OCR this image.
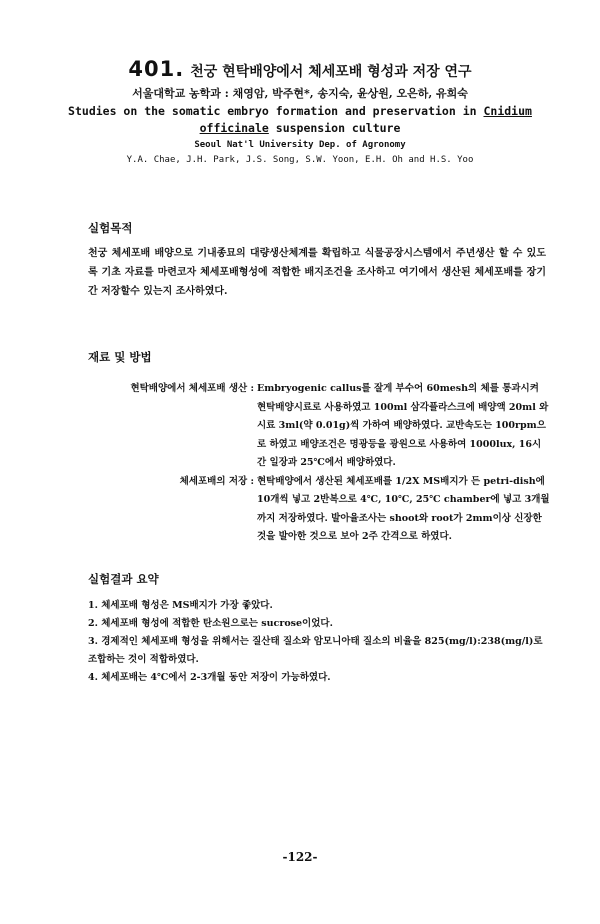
401. 천궁 현탁배양에서 체세포배 형성과 저장 연구
서울대학교 농학과 : 채영암, 박주현*, 송지숙, 윤상원, 오은하, 유희숙
Studies on the somatic embryo formation and preservation in Cnidium
officinale suspension culture
Seoul Nat'l University Dep. of Agronomy
Y.A. Chae, J.H. Park, J.S. Song, S.W. Yoon, E.H. Oh and H.S. Yoo
실험목적
천궁 체세포배 배양으로 기내종묘의 대량생산체계를 확립하고 식물공장시스템에서 주년생산 할 수 있도록 기초 자료를 마련코자 체세포배형성에 적합한 배지조건을 조사하고 여기에서 생산된 체세포배를 장기간 저장할수 있는지 조사하였다.
재료 및 방법
현탁배양에서 체세포배 생산 : Embryogenic callus를 잘게 부수어 60mesh의 체를 통과시켜 현탁배양시료로 사용하였고 100ml 삼각플라스크에 배양액 20ml 와 시료 3ml(약 0.01g)씩 가하여 배양하였다. 교반속도는 100rpm으로 하였고 배양조건은 명광등을 광원으로 사용하여 1000lux, 16시간 일장과 25℃에서 배양하였다.
체세포배의 저장 : 현탁배양에서 생산된 체세포배를 1/2X MS배지가 든 petri-dish에 10개씩 넣고 2반복으로 4℃, 10℃, 25℃ chamber에 넣고 3개월까지 저장하였다. 발아율조사는 shoot와 root가 2mm이상 신장한 것을 발아한 것으로 보아 2주 간격으로 하였다.
실험결과 요약
1. 체세포배 형성은 MS배지가 가장 좋았다.
2. 체세포배 형성에 적합한 탄소원으로는 sucrose이었다.
3. 경제적인 체세포배 형성을 위해서는 질산태 질소와 암모니아태 질소의 비율을 825(mg/l):238(mg/l)로 조합하는 것이 적합하였다.
4. 체세포배는 4℃에서 2-3개월 동안 저장이 가능하였다.
-122-
